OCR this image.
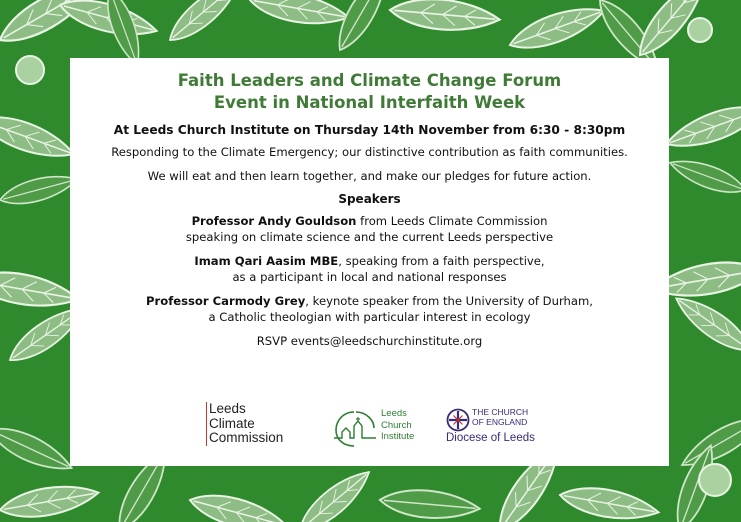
Faith Leaders and Climate Change Forum
Event in National Interfaith Week

At Leeds Church Institute on Thursday 14th November from 6:30 - 8:30pm

Responding to the Climate Emergency; our distinctive contribution as faith communities.

We will eat and then learn together, and make our pledges for future action.

Speakers

Professor Andy Gouldson from Leeds Climate Commission

speaking on climate science and the current Leeds perspective

Imam Qari Aasim MBE, speaking from a faith perspective,

as a participant in local and national responses

Professor Carmody Grey, keynote speaker from the University of Durham,

a Catholic theologian with particular interest in ecology

RSVP events@leedschurchinstitute.org

Leeds
Climate
Commission
Leeds
Church
Institute
THE CHURCH
OF ENGLAND
Diocese of Leeds
